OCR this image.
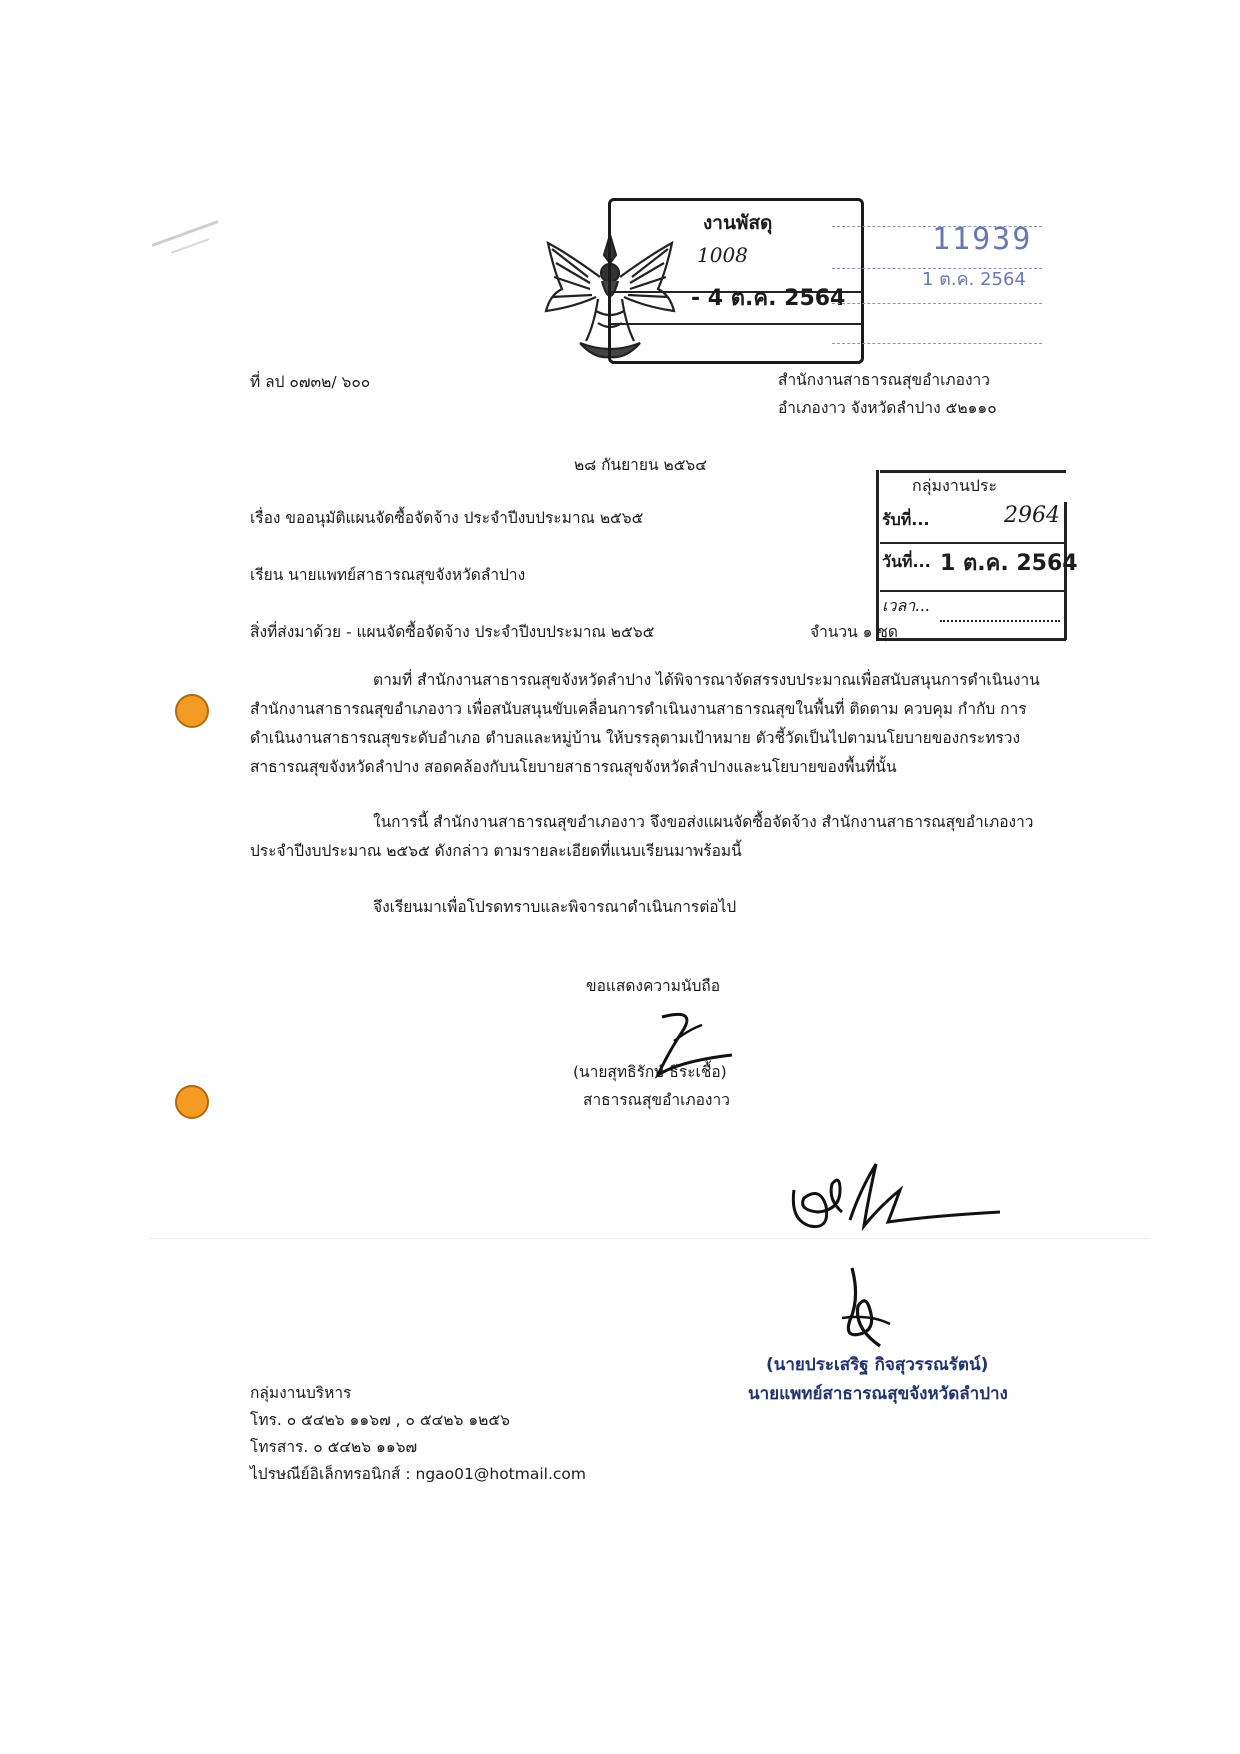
งานพัสดุ
1008
- 4 ต.ค. 2564
11939
1 ต.ค. 2564
ที่ ลป ๐๗๓๒/ ๖๐๐	สำนักงานสาธารณสุขอำเภองาว
อำเภองาว จังหวัดลำปาง ๕๒๑๑๐
๒๘ กันยายน ๒๕๖๔
กลุ่มงานประ
รับที่...	2964
วันที่... 1 ต.ค. 2564
เวลา...
เรื่อง ขออนุมัติแผนจัดซื้อจัดจ้าง ประจำปีงบประมาณ ๒๕๖๕
เรียน นายแพทย์สาธารณสุขจังหวัดลำปาง
สิ่งที่ส่งมาด้วย - แผนจัดซื้อจัดจ้าง ประจำปีงบประมาณ ๒๕๖๕	จำนวน ๑ ชุด
ตามที่ สำนักงานสาธารณสุขจังหวัดลำปาง ได้พิจารณาจัดสรรงบประมาณเพื่อสนับสนุนการดำเนินงาน
สำนักงานสาธารณสุขอำเภองาว เพื่อสนับสนุนขับเคลื่อนการดำเนินงานสาธารณสุขในพื้นที่ ติดตาม ควบคุม กำกับ การ
ดำเนินงานสาธารณสุขระดับอำเภอ ตำบลและหมู่บ้าน ให้บรรลุตามเป้าหมาย ตัวชี้วัดเป็นไปตามนโยบายของกระทรวง
สาธารณสุขจังหวัดลำปาง สอดคล้องกับนโยบายสาธารณสุขจังหวัดลำปางและนโยบายของพื้นที่นั้น
ในการนี้ สำนักงานสาธารณสุขอำเภองาว จึงขอส่งแผนจัดซื้อจัดจ้าง สำนักงานสาธารณสุขอำเภองาว
ประจำปีงบประมาณ ๒๕๖๕ ดังกล่าว ตามรายละเอียดที่แนบเรียนมาพร้อมนี้
จึงเรียนมาเพื่อโปรดทราบและพิจารณาดำเนินการต่อไป
ขอแสดงความนับถือ
(นายสุทธิรักษ์ ธีระเชื้อ)
สาธารณสุขอำเภองาว
(นายประเสริฐ กิจสุวรรณรัตน์)
นายแพทย์สาธารณสุขจังหวัดลำปาง
กลุ่มงานบริหาร
โทร. ๐ ๕๔๒๖ ๑๑๖๗ , ๐ ๕๔๒๖ ๑๒๕๖
โทรสาร. ๐ ๕๔๒๖ ๑๑๖๗
ไปรษณีย์อิเล็กทรอนิกส์ : ngao01@hotmail.com
